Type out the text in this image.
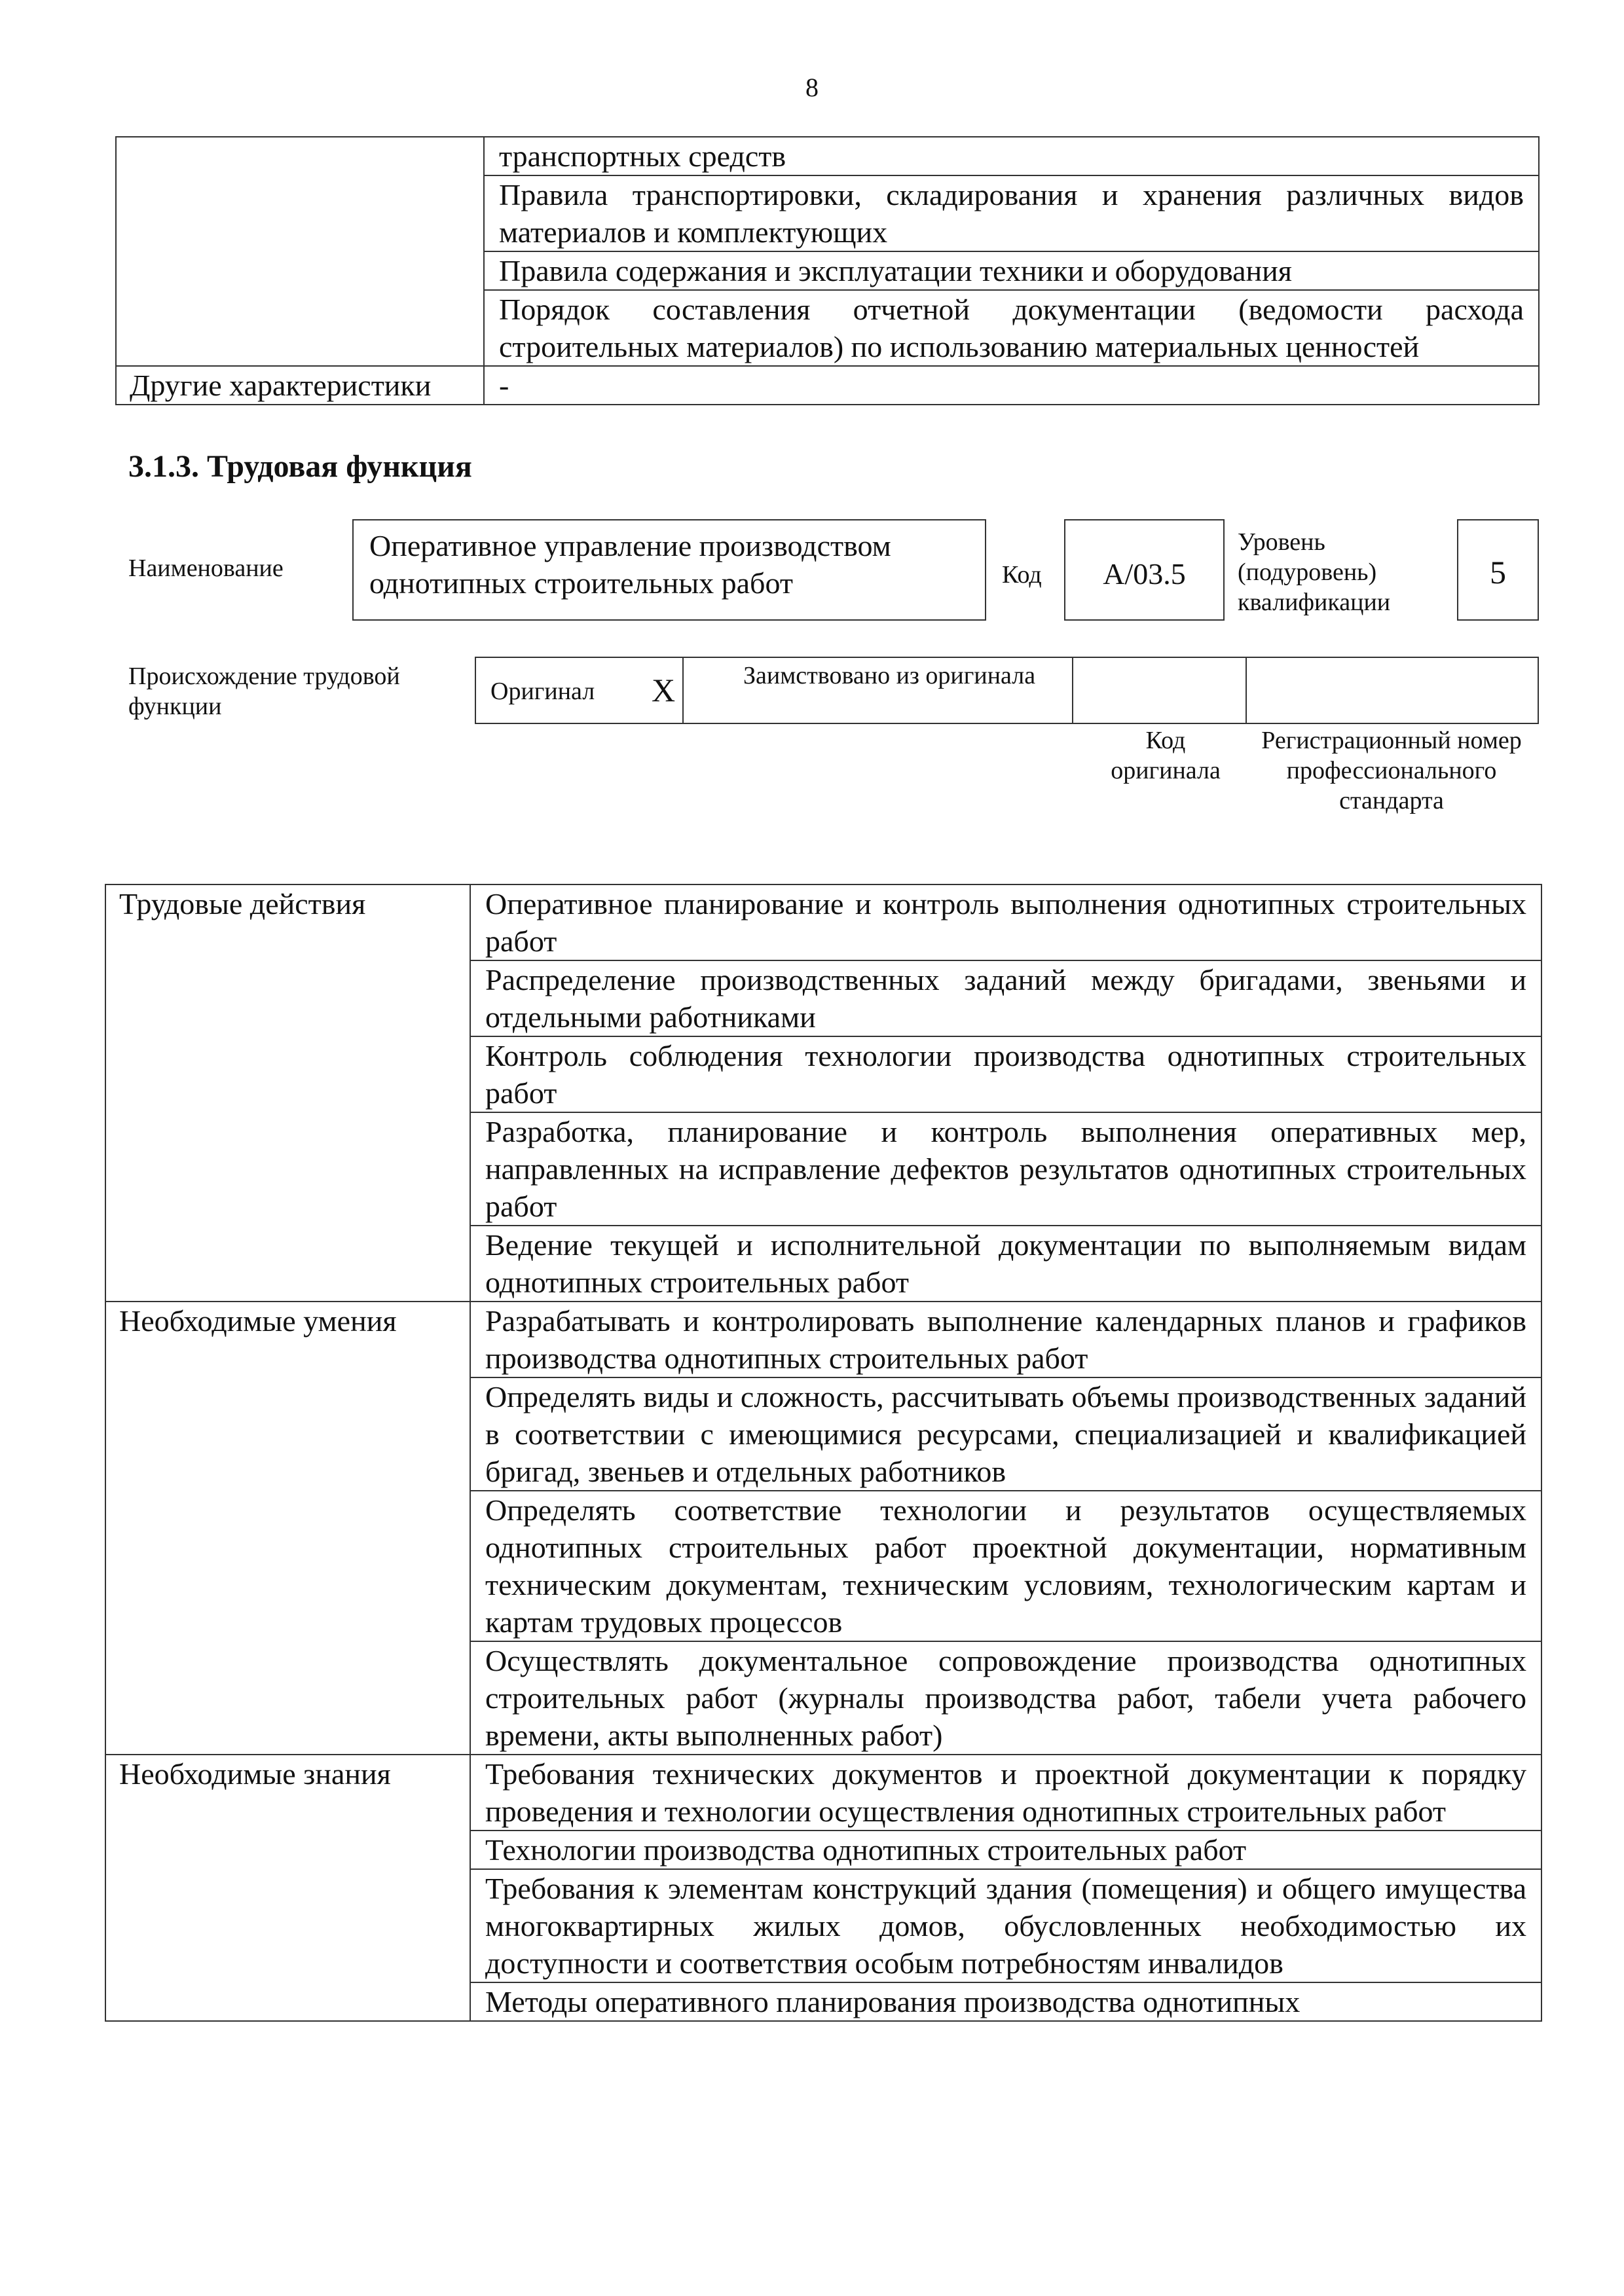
8
	транспортных средств
	Правила транспортировки, складирования и хранения различных видов материалов и комплектующих
	Правила содержания и эксплуатации техники и оборудования
	Порядок составления отчетной документации (ведомости расхода строительных материалов) по использованию материальных ценностей
Другие характеристики	-
3.1.3. Трудовая функция
Наименование
Оперативное управление производством однотипных строительных работ	Код	А/03.5
Уровень (подуровень) квалификации
5
Происхождение трудовой функции
Оригинал X	Заимствовано из оригинала
Код оригинала
Регистрационный номер профессионального стандарта
Трудовые действия	Оперативное планирование и контроль выполнения однотипных строительных работ
	Распределение производственных заданий между бригадами, звеньями и отдельными работниками
	Контроль соблюдения технологии производства однотипных строительных работ
	Разработка, планирование и контроль выполнения оперативных мер, направленных на исправление дефектов результатов однотипных строительных работ
	Ведение текущей и исполнительной документации по выполняемым видам однотипных строительных работ
Необходимые умения	Разрабатывать и контролировать выполнение календарных планов и графиков производства однотипных строительных работ
	Определять виды и сложность, рассчитывать объемы производственных заданий в соответствии с имеющимися ресурсами, специализацией и квалификацией бригад, звеньев и отдельных работников
	Определять соответствие технологии и результатов осуществляемых однотипных строительных работ проектной документации, нормативным техническим документам, техническим условиям, технологическим картам и картам трудовых процессов
	Осуществлять документальное сопровождение производства однотипных строительных работ (журналы производства работ, табели учета рабочего времени, акты выполненных работ)
Необходимые знания	Требования технических документов и проектной документации к порядку проведения и технологии осуществления однотипных строительных работ
	Технологии производства однотипных строительных работ
	Требования к элементам конструкций здания (помещения) и общего имущества многоквартирных жилых домов, обусловленных необходимостью их доступности и соответствия особым потребностям инвалидов
	Методы оперативного планирования производства однотипных
